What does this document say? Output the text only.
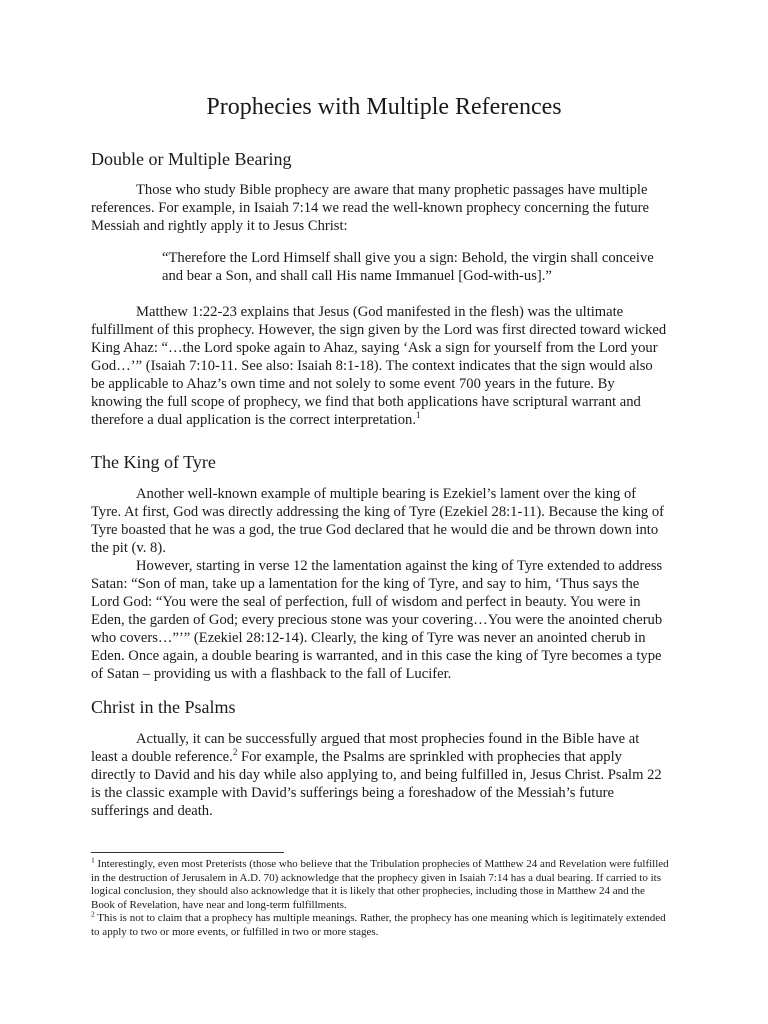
Prophecies with Multiple References
Double or Multiple Bearing

Those who study Bible prophecy are aware that many prophetic passages have multiple references. For example, in Isaiah 7:14 we read the well-known prophecy concerning the future Messiah and rightly apply it to Jesus Christ:

“Therefore the Lord Himself shall give you a sign: Behold, the virgin shall conceive and bear a Son, and shall call His name Immanuel [God-with-us].”

Matthew 1:22-23 explains that Jesus (God manifested in the flesh) was the ultimate fulfillment of this prophecy. However, the sign given by the Lord was first directed toward wicked King Ahaz: “…the Lord spoke again to Ahaz, saying ‘Ask a sign for yourself from the Lord your God…’” (Isaiah 7:10-11. See also: Isaiah 8:1-18). The context indicates that the sign would also be applicable to Ahaz’s own time and not solely to some event 700 years in the future. By knowing the full scope of prophecy, we find that both applications have scriptural warrant and therefore a dual application is the correct interpretation.$^1$

The King of Tyre

Another well-known example of multiple bearing is Ezekiel’s lament over the king of Tyre. At first, God was directly addressing the king of Tyre (Ezekiel 28:1-11). Because the king of Tyre boasted that he was a god, the true God declared that he would die and be thrown down into the pit (v. 8).

However, starting in verse 12 the lamentation against the king of Tyre extended to address Satan: “Son of man, take up a lamentation for the king of Tyre, and say to him, ‘Thus says the Lord God: “You were the seal of perfection, full of wisdom and perfect in beauty. You were in Eden, the garden of God; every precious stone was your covering…You were the anointed cherub who covers…”’” (Ezekiel 28:12-14). Clearly, the king of Tyre was never an anointed cherub in Eden. Once again, a double bearing is warranted, and in this case the king of Tyre becomes a type of Satan – providing us with a flashback to the fall of Lucifer.

Christ in the Psalms

Actually, it can be successfully argued that most prophecies found in the Bible have at least a double reference.$^2$ For example, the Psalms are sprinkled with prophecies that apply directly to David and his day while also applying to, and being fulfilled in, Jesus Christ. Psalm 22 is the classic example with David’s sufferings being a foreshadow of the Messiah’s future sufferings and death.

$^1$ Interestingly, even most Preterists (those who believe that the Tribulation prophecies of Matthew 24 and Revelation were fulfilled in the destruction of Jerusalem in A.D. 70) acknowledge that the prophecy given in Isaiah 7:14 has a dual bearing. If carried to its logical conclusion, they should also acknowledge that it is likely that other prophecies, including those in Matthew 24 and the Book of Revelation, have near and long-term fulfillments.

$^2$ This is not to claim that a prophecy has multiple meanings. Rather, the prophecy has one meaning which is legitimately extended to apply to two or more events, or fulfilled in two or more stages.
